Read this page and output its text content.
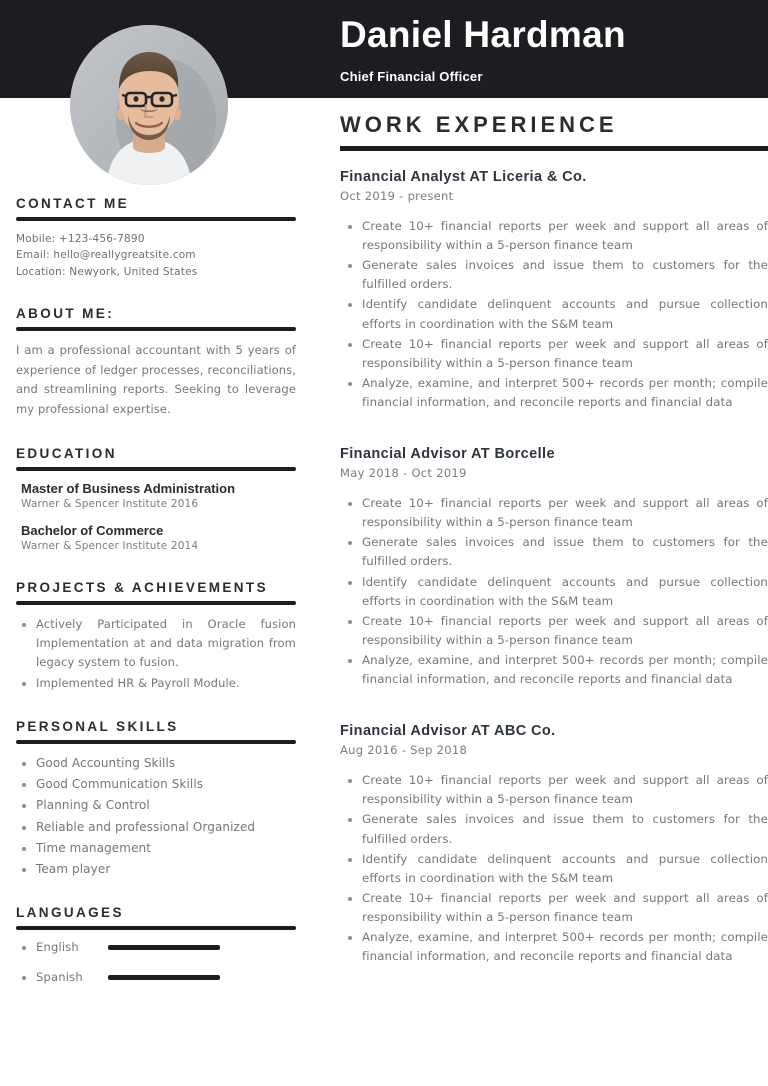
Daniel Hardman
Chief Financial Officer
CONTACT ME
Mobile: +123-456-7890
Email: hello@reallygreatsite.com
Location: Newyork, United States
ABOUT ME:

I am a professional accountant with 5 years of experience of ledger processes, reconciliations, and streamlining reports. Seeking to leverage my professional expertise.

EDUCATION
Master of Business Administration
Warner & Spencer Institute 2016
Bachelor of Commerce
Warner & Spencer Institute 2014
PROJECTS & ACHIEVEMENTS
• Actively Participated in Oracle fusion Implementation at and data migration from legacy system to fusion.
• Implemented HR & Payroll Module.
PERSONAL SKILLS
• Good Accounting Skills
• Good Communication Skills
• Planning & Control
• Reliable and professional Organized
• Time management
• Team player
LANGUAGES
• English
• Spanish
WORK EXPERIENCE
Financial Analyst AT Liceria & Co.
Oct 2019 - present
• Create 10+ financial reports per week and support all areas of responsibility within a 5-person finance team
• Generate sales invoices and issue them to customers for the fulfilled orders.
• Identify candidate delinquent accounts and pursue collection efforts in coordination with the S&M team
• Create 10+ financial reports per week and support all areas of responsibility within a 5-person finance team
• Analyze, examine, and interpret 500+ records per month; compile financial information, and reconcile reports and financial data
Financial Advisor AT Borcelle
May 2018 - Oct 2019
• Create 10+ financial reports per week and support all areas of responsibility within a 5-person finance team
• Generate sales invoices and issue them to customers for the fulfilled orders.
• Identify candidate delinquent accounts and pursue collection efforts in coordination with the S&M team
• Create 10+ financial reports per week and support all areas of responsibility within a 5-person finance team
• Analyze, examine, and interpret 500+ records per month; compile financial information, and reconcile reports and financial data
Financial Advisor AT ABC Co.
Aug 2016 - Sep 2018
• Create 10+ financial reports per week and support all areas of responsibility within a 5-person finance team
• Generate sales invoices and issue them to customers for the fulfilled orders.
• Identify candidate delinquent accounts and pursue collection efforts in coordination with the S&M team
• Create 10+ financial reports per week and support all areas of responsibility within a 5-person finance team
• Analyze, examine, and interpret 500+ records per month; compile financial information, and reconcile reports and financial data
